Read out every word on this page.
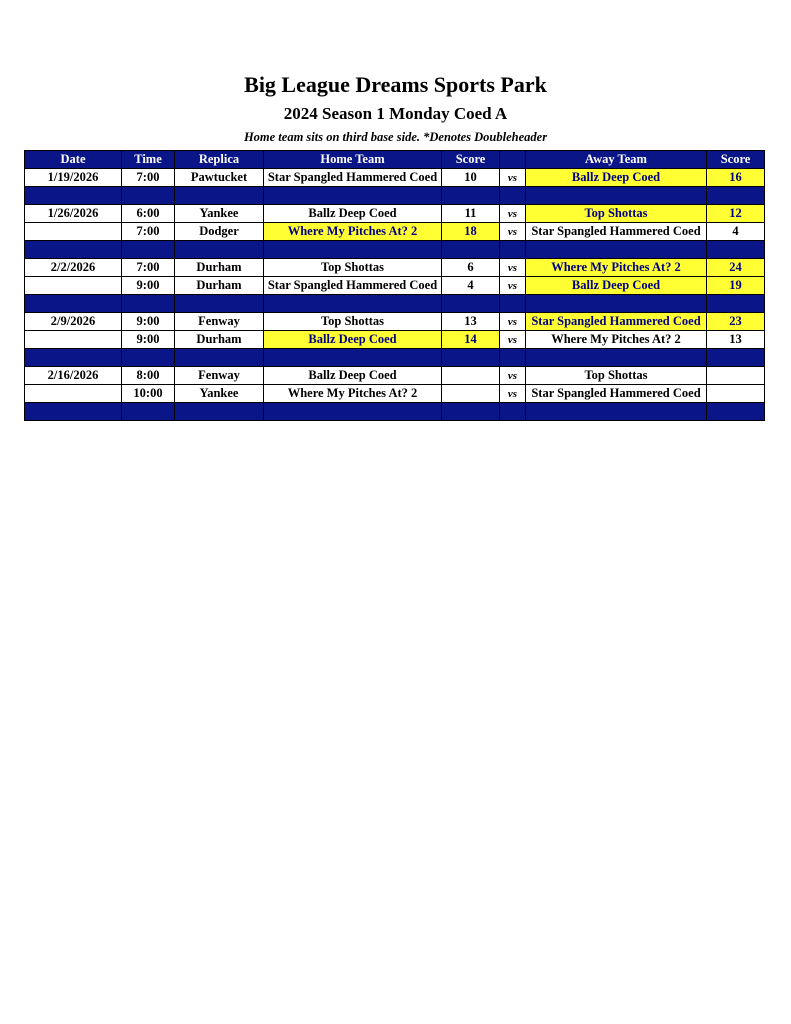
Big League Dreams Sports Park
2024 Season 1 Monday Coed A
Home team sits on third base side. *Denotes Doubleheader
Date	Time	Replica	Home Team	Score		Away Team	Score
1/19/2026	7:00	Pawtucket	Star Spangled Hammered Coed	10	vs	Ballz Deep Coed	16

1/26/2026	6:00	Yankee	Ballz Deep Coed	11	vs	Top Shottas	12
	7:00	Dodger	Where My Pitches At? 2	18	vs	Star Spangled Hammered Coed	4

2/2/2026	7:00	Durham	Top Shottas	6	vs	Where My Pitches At? 2	24
	9:00	Durham	Star Spangled Hammered Coed	4	vs	Ballz Deep Coed	19

2/9/2026	9:00	Fenway	Top Shottas	13	vs	Star Spangled Hammered Coed	23
	9:00	Durham	Ballz Deep Coed	14	vs	Where My Pitches At? 2	13

2/16/2026	8:00	Fenway	Ballz Deep Coed		vs	Top Shottas	
	10:00	Yankee	Where My Pitches At? 2		vs	Star Spangled Hammered Coed	
